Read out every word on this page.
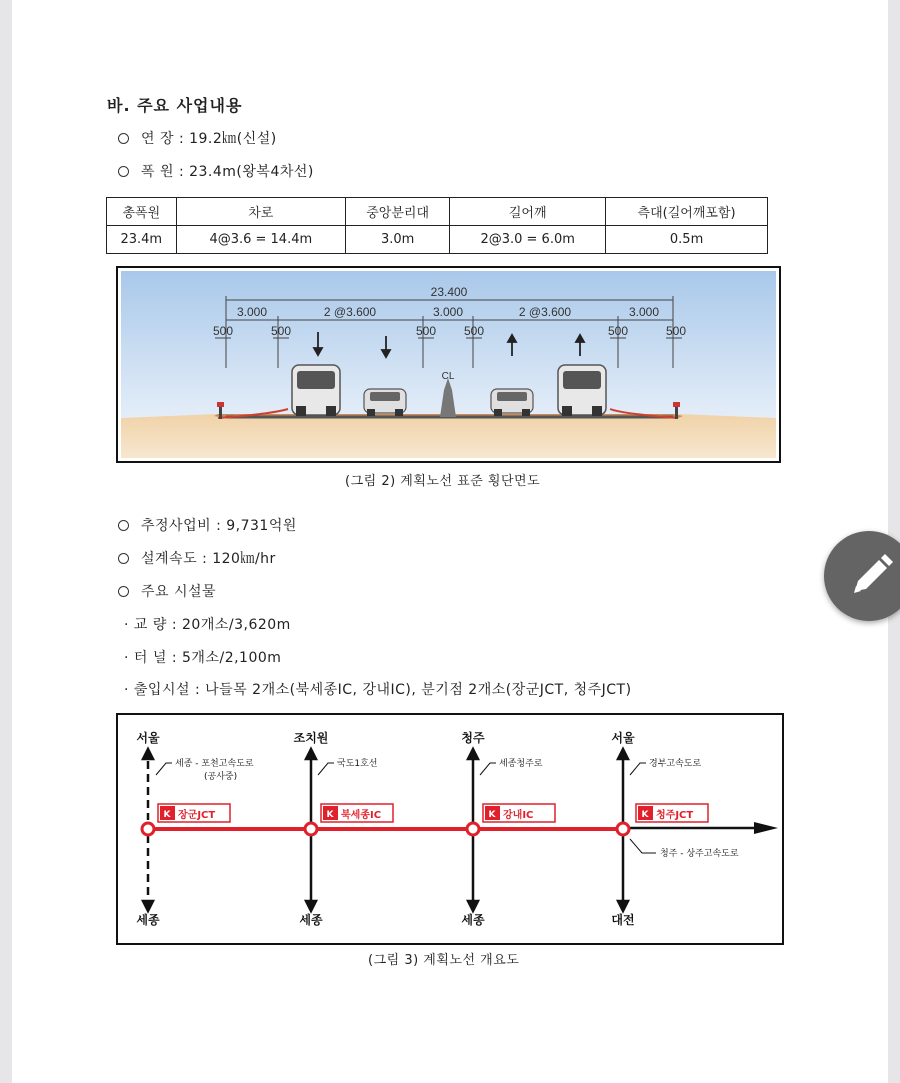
바. 주요 사업내용
연 장 : 19.2㎞(신설)
폭 원 : 23.4m(왕복4차선)
총폭원	차로	중앙분리대	길어깨	측대(길어깨포함)
23.4m	4@3.6 = 14.4m	3.0m	2@3.0 = 6.0m	0.5m
23.400
3.000	2 @3.600	3.000	2 @3.600	3.000
500	500	500 500	500	500
CL
(그림 2) 계획노선 표준 횡단면도
추정사업비 : 9,731억원
설계속도 : 120㎞/hr
주요 시설물
· 교 량 : 20개소/3,620m
· 터 널 : 5개소/2,100m
· 출입시설 : 나들목 2개소(북세종IC, 강내IC), 분기점 2개소(장군JCT, 청주JCT)
서울	조치원	청주	서울
세종	세종	세종	대전
세종 - 포천고속도로
(공사중)
국도1호선	세종청주로	경부고속도로
청주 - 상주고속도로
K	K	K	K
장군JCT	북세종IC	강내IC	청주JCT
(그림 3) 계획노선 개요도
